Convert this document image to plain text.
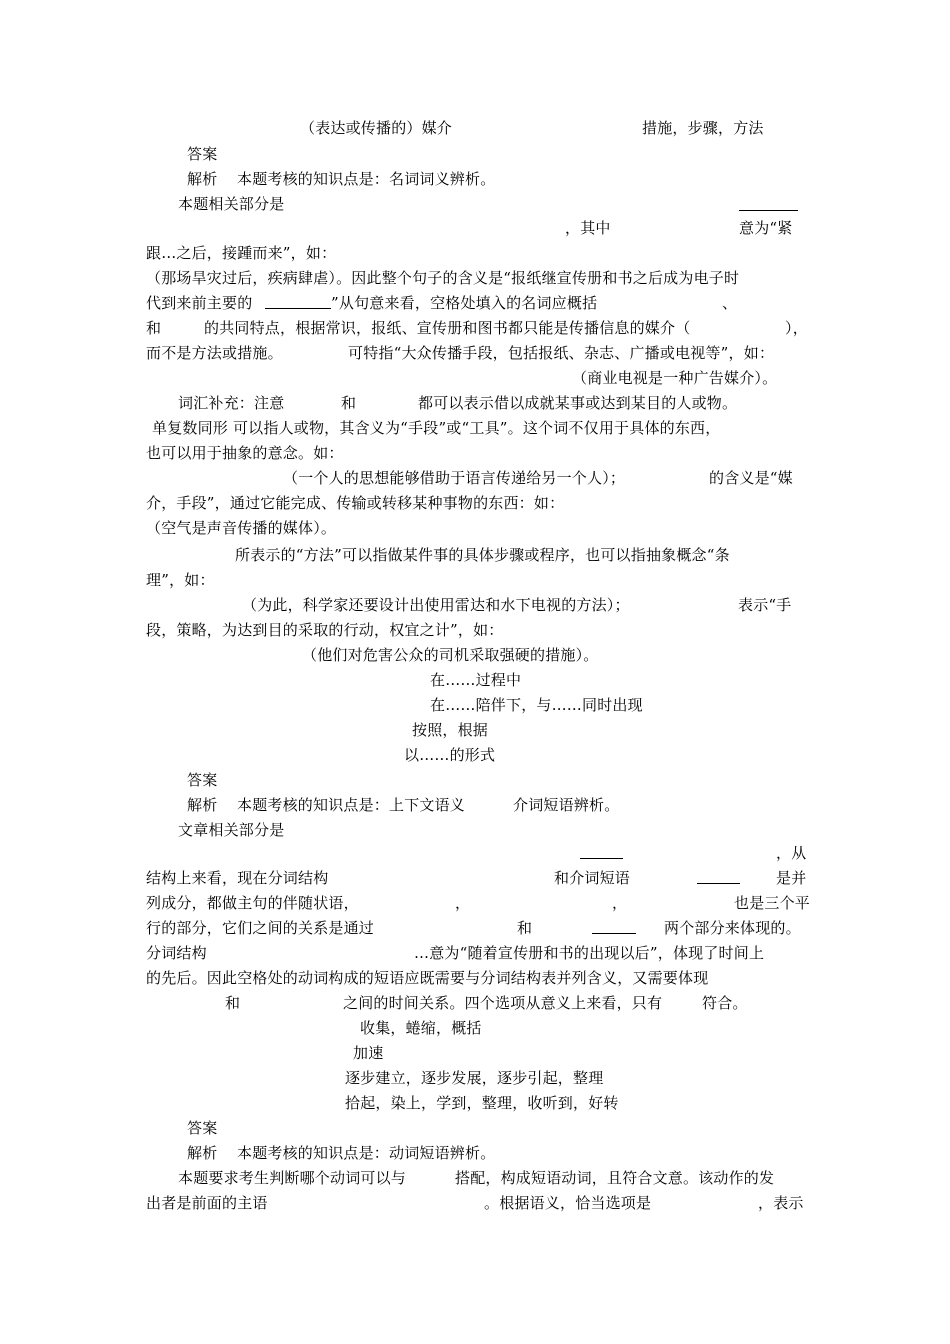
（表达或传播的）媒介	措施，步骤，方法
答案
解析 本题考核的知识点是：名词词义辨析。
本题相关部分是
，其中	意为“紧
跟…之后，接踵而来”，如：
（那场旱灾过后，疾病肆虐）。因此整个句子的含义是“报纸继宣传册和书之后成为电子时
代到来前主要的	”从句意来看，空格处填入的名词应概括	、
和	的共同特点，根据常识，报纸、宣传册和图书都只能是传播信息的媒介（	），
而不是方法或措施。	可特指“大众传播手段，包括报纸、杂志、广播或电视等”，如：
（商业电视是一种广告媒介）。
词汇补充：注意	和	都可以表示借以成就某事或达到某目的人或物。
单复数同形 可以指人或物，其含义为“手段”或“工具”。这个词不仅用于具体的东西，
也可以用于抽象的意念。如：
（一个人的思想能够借助于语言传递给另一个人）；	的含义是“媒
介，手段”，通过它能完成、传输或转移某种事物的东西：如：
（空气是声音传播的媒体）。
所表示的“方法”可以指做某件事的具体步骤或程序，也可以指抽象概念“条
理”，如：
（为此，科学家还要设计出使用雷达和水下电视的方法）；	表示“手
段，策略，为达到目的采取的行动，权宜之计”，如：
（他们对危害公众的司机采取强硬的措施）。
在……过程中
在……陪伴下，与……同时出现
按照，根据
以……的形式
答案
解析 本题考核的知识点是：上下文语义	介词短语辨析。
文章相关部分是
，从
结构上来看，现在分词结构	和介词短语	是并
列成分，都做主句的伴随状语，	，	，	也是三个平
行的部分，它们之间的关系是通过	和	两个部分来体现的。
分词结构	…意为“随着宣传册和书的出现以后”，体现了时间上
的先后。因此空格处的动词构成的短语应既需要与分词结构表并列含义，又需要体现
和	之间的时间关系。四个选项从意义上来看，只有	符合。
收集，蜷缩，概括
加速
逐步建立，逐步发展，逐步引起，整理
拾起，染上，学到，整理，收听到，好转
答案
解析 本题考核的知识点是：动词短语辨析。
本题要求考生判断哪个动词可以与	搭配，构成短语动词，且符合文意。该动作的发
出者是前面的主语	。根据语义，恰当选项是	，表示
